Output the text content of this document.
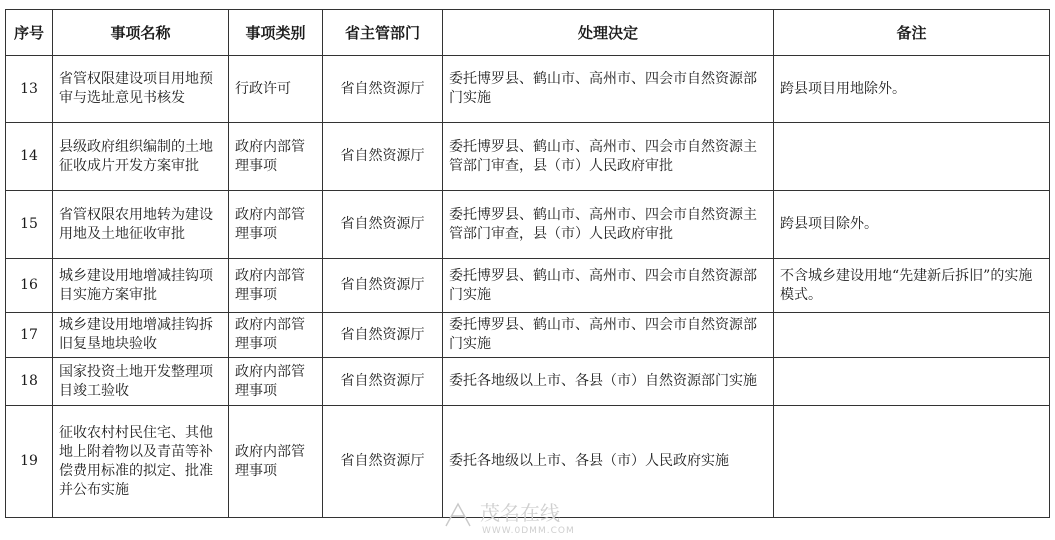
序号	事项名称	事项类别	省主管部门	处理决定	备注
13	省管权限建设项目用地预审与选址意见书核发	行政许可	省自然资源厅	委托博罗县、鹤山市、高州市、四会市自然资源部门实施	跨县项目用地除外。
14	县级政府组织编制的土地征收成片开发方案审批	政府内部管理事项	省自然资源厅	委托博罗县、鹤山市、高州市、四会市自然资源主管部门审查，县（市）人民政府审批	
15	省管权限农用地转为建设用地及土地征收审批	政府内部管理事项	省自然资源厅	委托博罗县、鹤山市、高州市、四会市自然资源主管部门审查，县（市）人民政府审批	跨县项目除外。
16	城乡建设用地增减挂钩项目实施方案审批	政府内部管理事项	省自然资源厅	委托博罗县、鹤山市、高州市、四会市自然资源部门实施	不含城乡建设用地“先建新后拆旧”的实施模式。
17	城乡建设用地增减挂钩拆旧复垦地块验收	政府内部管理事项	省自然资源厅	委托博罗县、鹤山市、高州市、四会市自然资源部门实施	
18	国家投资土地开发整理项目竣工验收	政府内部管理事项	省自然资源厅	委托各地级以上市、各县（市）自然资源部门实施	
19	征收农村村民住宅、其他地上附着物以及青苗等补偿费用标准的拟定、批准并公布实施	政府内部管理事项	省自然资源厅	委托各地级以上市、各县（市）人民政府实施	
茂名在线
WWW.0DMM.COM
